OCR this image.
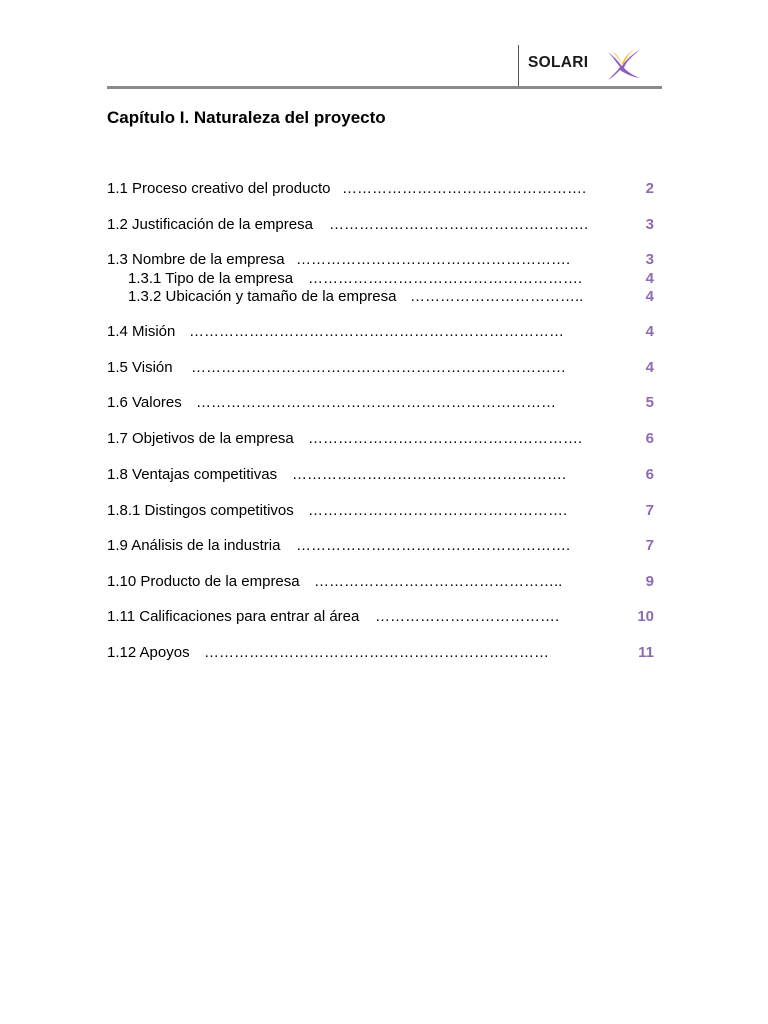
SOLARI
Capítulo I. Naturaleza del proyecto
1.1 Proceso creativo del producto ………………………………………….	2
1.2 Justificación de la empresa …………………………………………….	3
1.3 Nombre de la empresa ……………………………………………….	3
1.3.1 Tipo de la empresa ……………………………………………….	4
1.3.2 Ubicación y tamaño de la empresa ……………………………..	4
1.4 Misión …………………………………………………………………	4
1.5 Visión …………………………………………………………………	4
1.6 Valores ………………………………………………………………	5
1.7 Objetivos de la empresa ……………………………………………….	6
1.8 Ventajas competitivas ……………………………………………….	6
1.8.1 Distingos competitivos …………………………………………….	7
1.9 Análisis de la industria ……………………………………………….	7
1.10 Producto de la empresa …………………………………………..	9
1.11 Calificaciones para entrar al área ……………………………….	10
1.12 Apoyos ……………………………………………………………	11
